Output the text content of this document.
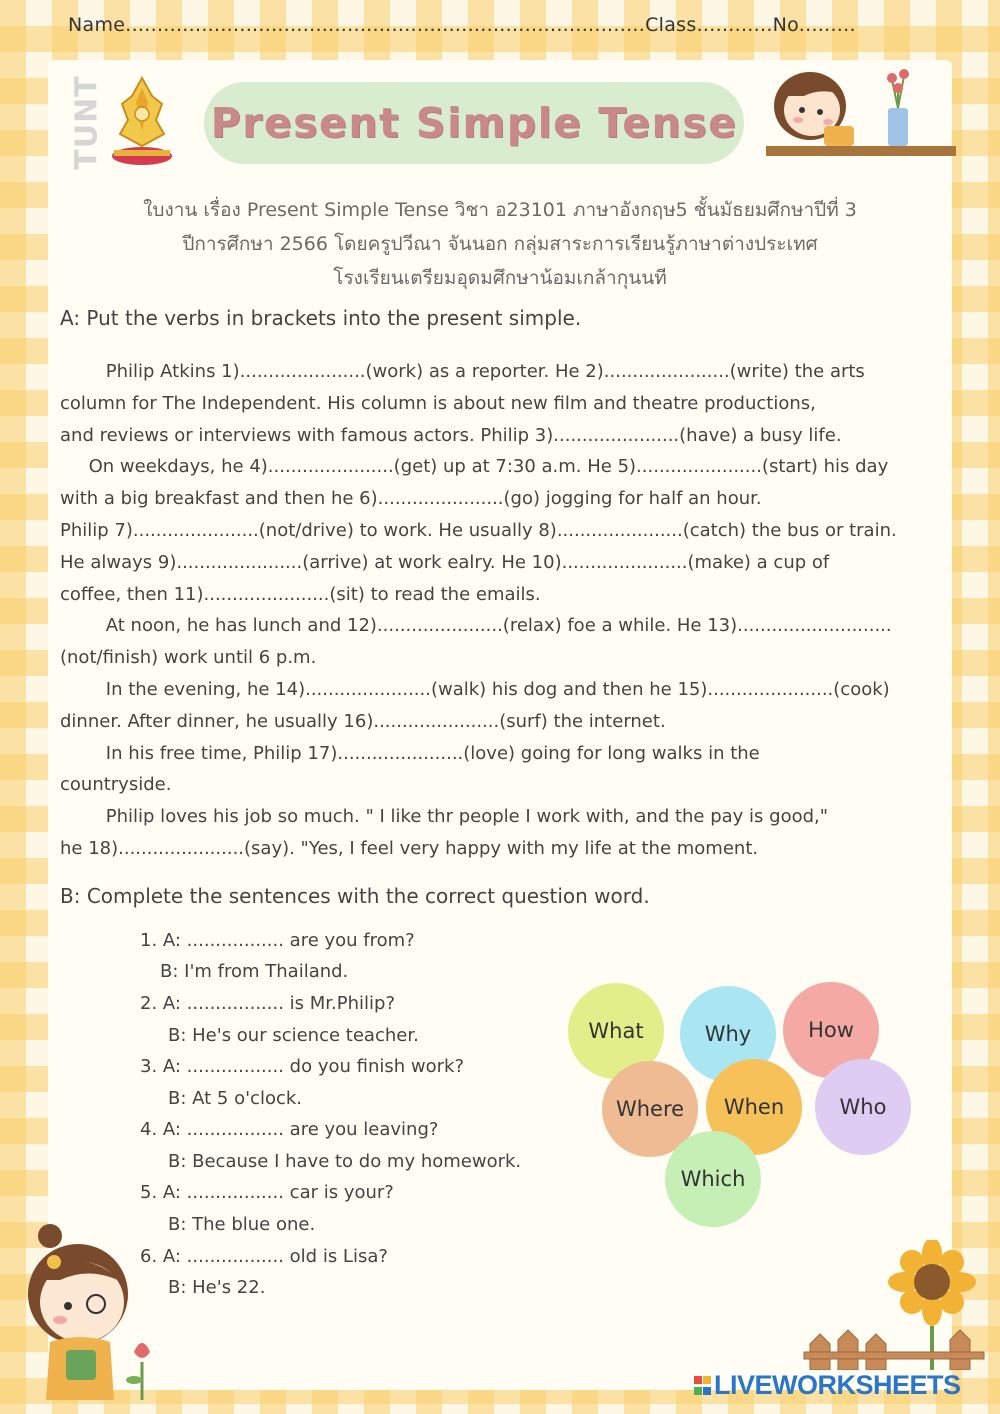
Name..................................................................................Class............No.........
TUNT	Present Simple Tense
ใบงาน เรื่อง Present Simple Tense วิชา อ23101 ภาษาอังกฤษ5 ชั้นมัธยมศึกษาปีที่ 3
ปีการศึกษา 2566 โดยครูปวีณา จันนอก กลุ่มสาระการเรียนรู้ภาษาต่างประเทศ
โรงเรียนเตรียมอุดมศึกษาน้อมเกล้ากุนนที
A: Put the verbs in brackets into the present simple.
Philip Atkins 1)......................(work) as a reporter. He 2)......................(write) the arts
column for The Independent. His column is about new film and theatre productions,
and reviews or interviews with famous actors. Philip 3)......................(have) a busy life.
On weekdays, he 4)......................(get) up at 7:30 a.m. He 5)......................(start) his day
with a big breakfast and then he 6)......................(go) jogging for half an hour.
Philip 7)......................(not/drive) to work. He usually 8)......................(catch) the bus or train.
He always 9)......................(arrive) at work ealry. He 10)......................(make) a cup of
coffee, then 11)......................(sit) to read the emails.
At noon, he has lunch and 12)......................(relax) foe a while. He 13)...........................
(not/finish) work until 6 p.m.
In the evening, he 14)......................(walk) his dog and then he 15)......................(cook)
dinner. After dinner, he usually 16)......................(surf) the internet.
In his free time, Philip 17)......................(love) going for long walks in the
countryside.
Philip loves his job so much. " I like thr people I work with, and the pay is good,"
he 18)......................(say). "Yes, I feel very happy with my life at the moment.
B: Complete the sentences with the correct question word.
1. A: ................. are you from?
B: I'm from Thailand.
2. A: ................. is Mr.Philip?
B: He's our science teacher.
3. A: ................. do you finish work?
B: At 5 o'clock.
4. A: ................. are you leaving?
B: Because I have to do my homework.
5. A: ................. car is your?
B: The blue one.
6. A: ................. old is Lisa?
B: He's 22.
What	Why	How
Where When	Who
Which

LIVEWORKSHEETS
